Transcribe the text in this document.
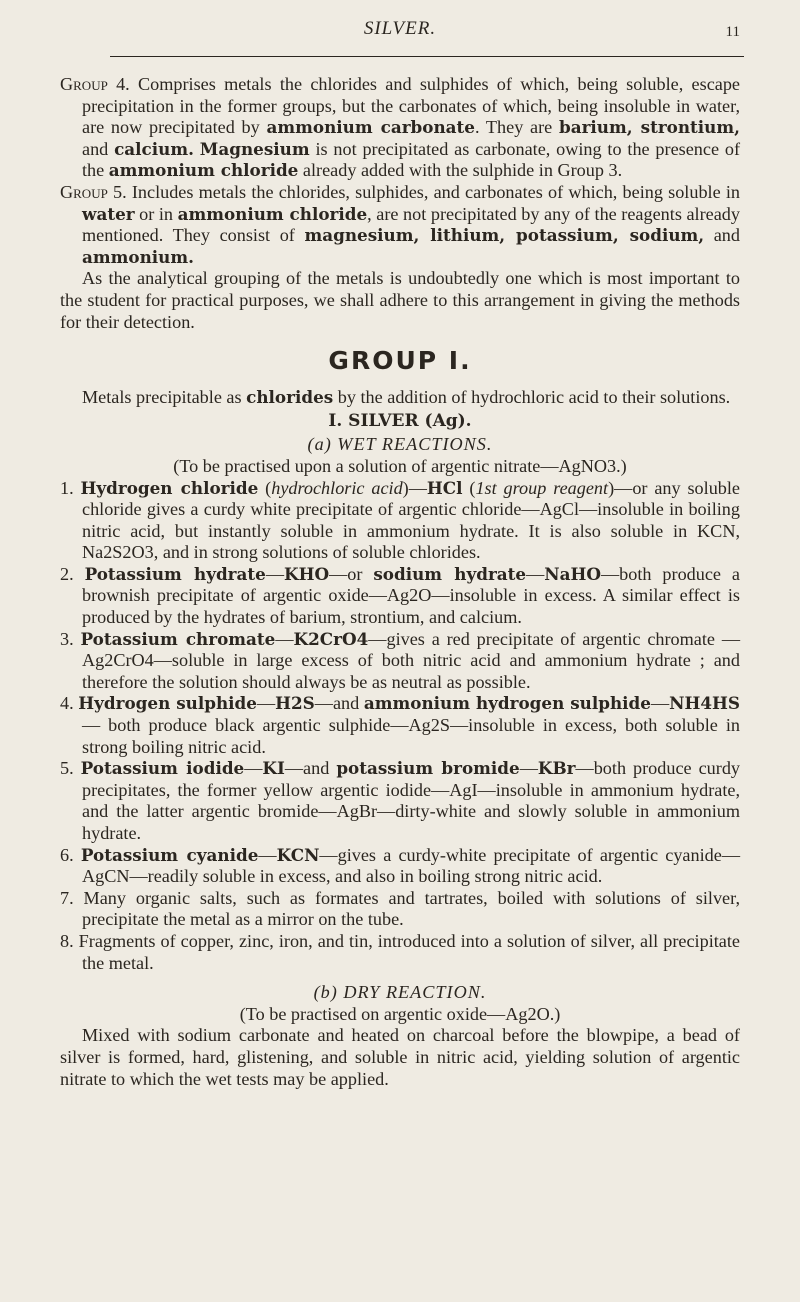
SILVER.	11

Group 4. Comprises metals the chlorides and sulphides of which, being soluble, escape precipitation in the former groups, but the carbonates of which, being insoluble in water, are now precipitated by ammonium carbonate. They are barium, strontium, and calcium. Magnesium is not precipitated as carbonate, owing to the presence of the ammonium chloride already added with the sulphide in Group 3.

Group 5. Includes metals the chlorides, sulphides, and carbonates of which, being soluble in water or in ammonium chloride, are not precipitated by any of the reagents already mentioned. They consist of magnesium, lithium, potassium, sodium, and ammonium.

As the analytical grouping of the metals is undoubtedly one which is most important to the student for practical purposes, we shall adhere to this arrangement in giving the methods for their detection.

GROUP I.

Metals precipitable as chlorides by the addition of hydrochloric acid to their solutions.

I. SILVER (Ag).
(a) WET REACTIONS.
(To be practised upon a solution of argentic nitrate—AgNO3.)

1. Hydrogen chloride (hydrochloric acid)—HCl (1st group reagent)—or any soluble chloride gives a curdy white precipitate of argentic chloride—AgCl—insoluble in boiling nitric acid, but instantly soluble in ammonium hydrate. It is also soluble in KCN, Na2S2O3, and in strong solutions of soluble chlorides.

2. Potassium hydrate—KHO—or sodium hydrate—NaHO—both produce a brownish precipitate of argentic oxide—Ag2O—insoluble in excess. A similar effect is produced by the hydrates of barium, strontium, and calcium.

3. Potassium chromate—K2CrO4—gives a red precipitate of argentic chromate —Ag2CrO4—soluble in large excess of both nitric acid and ammonium hydrate ; and therefore the solution should always be as neutral as possible.

4. Hydrogen sulphide—H2S—and ammonium hydrogen sulphide—NH4HS— both produce black argentic sulphide—Ag2S—insoluble in excess, both soluble in strong boiling nitric acid.

5. Potassium iodide—KI—and potassium bromide—KBr—both produce curdy precipitates, the former yellow argentic iodide—AgI—insoluble in ammonium hydrate, and the latter argentic bromide—AgBr—dirty-white and slowly soluble in ammonium hydrate.

6. Potassium cyanide—KCN—gives a curdy-white precipitate of argentic cyanide—AgCN—readily soluble in excess, and also in boiling strong nitric acid.

7. Many organic salts, such as formates and tartrates, boiled with solutions of silver, precipitate the metal as a mirror on the tube.

8. Fragments of copper, zinc, iron, and tin, introduced into a solution of silver, all precipitate the metal.

(b) DRY REACTION.
(To be practised on argentic oxide—Ag2O.)

Mixed with sodium carbonate and heated on charcoal before the blowpipe, a bead of silver is formed, hard, glistening, and soluble in nitric acid, yielding solution of argentic nitrate to which the wet tests may be applied.
